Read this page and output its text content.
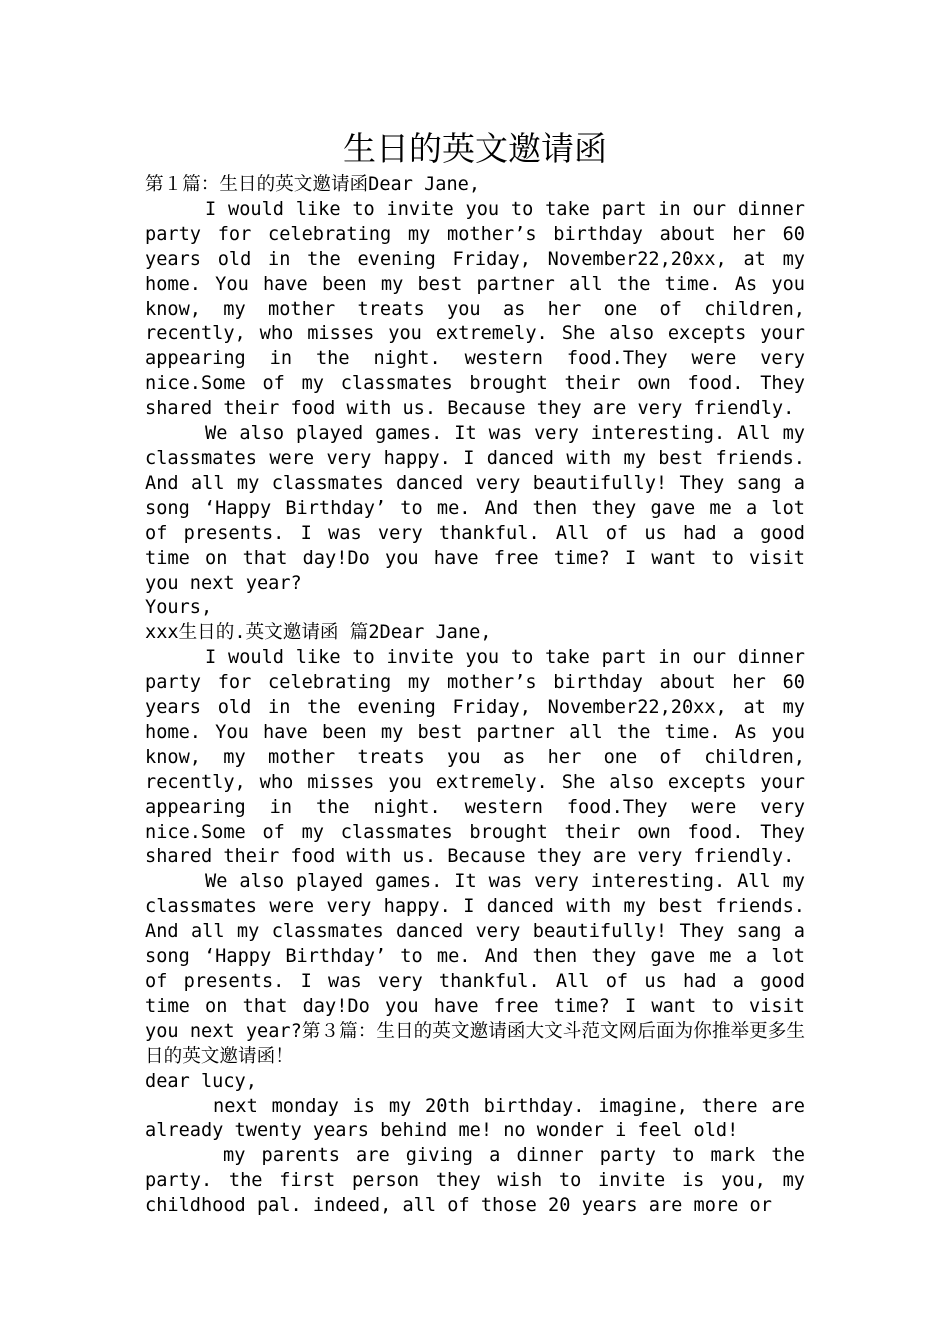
生日的英文邀请函

第１篇：生日的英文邀请函Dear Jane,

I would like to invite you to take part in our dinner party for celebrating my mother’s birthday about her 60 years old in the evening Friday, November22,20xx, at my home. You have been my best partner all the time. As you know, my mother treats you as her one of children, recently, who misses you extremely. She also excepts your appearing in the night. western food.They were very nice.Some of my classmates brought their own food. They shared their food with us. Because they are very friendly.

We also played games. It was very interesting. All my classmates were very happy. I danced with my best friends. And all my classmates danced very beautifully! They sang a song ‘Happy Birthday’ to me. And then they gave me a lot of presents. I was very thankful. All of us had a good time on that day!Do you have free time? I want to visit you next year?

Yours,

xxx生日的.英文邀请函 篇2Dear Jane,

I would like to invite you to take part in our dinner party for celebrating my mother’s birthday about her 60 years old in the evening Friday, November22,20xx, at my home. You have been my best partner all the time. As you know, my mother treats you as her one of children, recently, who misses you extremely. She also excepts your appearing in the night. western food.They were very nice.Some of my classmates brought their own food. They shared their food with us. Because they are very friendly.

We also played games. It was very interesting. All my classmates were very happy. I danced with my best friends. And all my classmates danced very beautifully! They sang a song ‘Happy Birthday’ to me. And then they gave me a lot of presents. I was very thankful. All of us had a good time on that day!Do you have free time? I want to visit you next year?第３篇：生日的英文邀请函大文斗范文网后面为你推举更多生日的英文邀请函！

dear lucy,

next monday is my 20th birthday. imagine, there are already twenty years behind me! no wonder i feel old!

my parents are giving a dinner party to mark the party. the first person they wish to invite is you, my childhood pal. indeed, all of those 20 years are more or
